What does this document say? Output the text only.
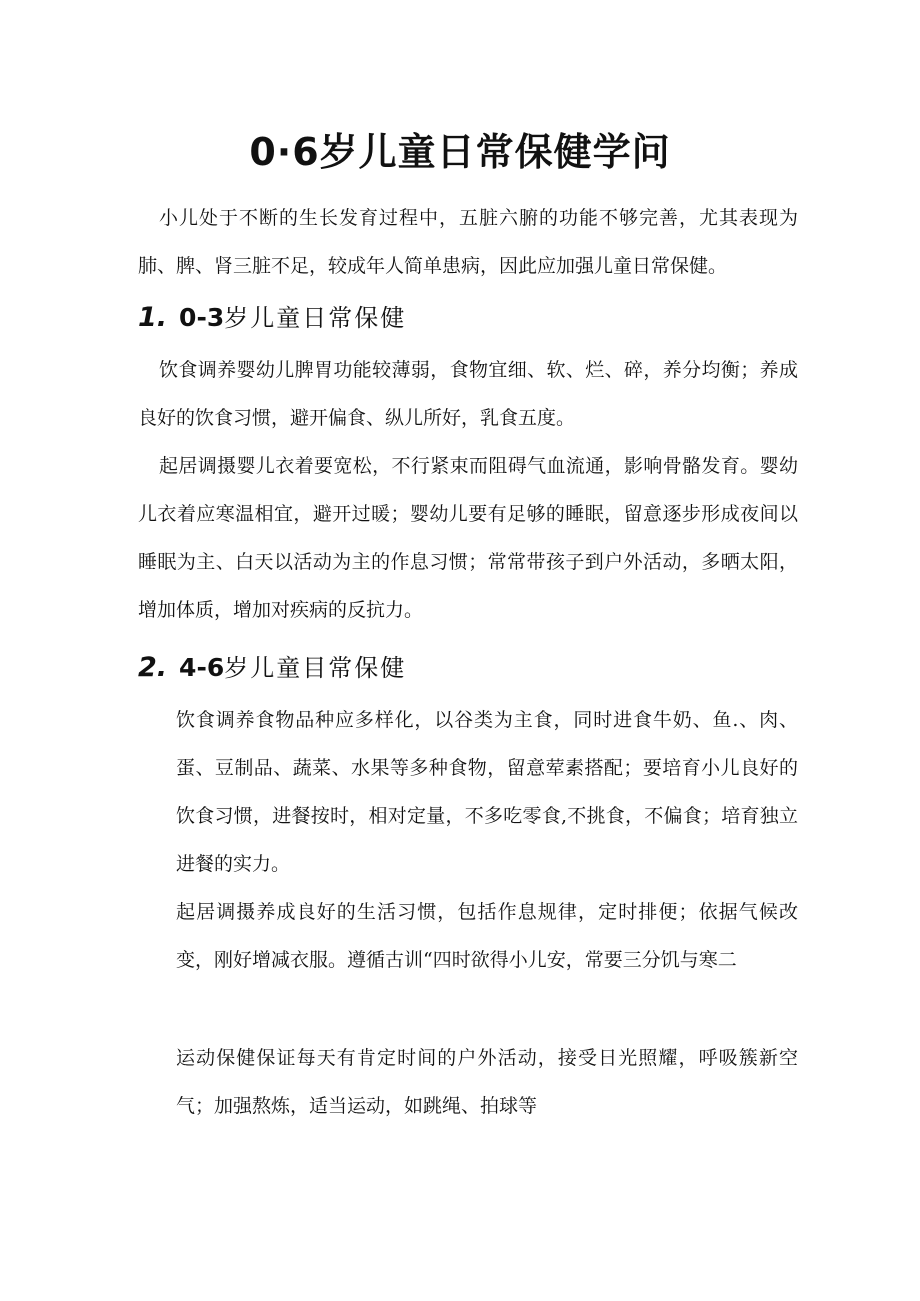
0·6岁儿童日常保健学问
小儿处于不断的生长发育过程中，五脏六腑的功能不够完善，尤其表现为肺、脾、肾三脏不足，较成年人简单患病，因此应加强儿童日常保健。
1. 0-3岁儿童日常保健
饮食调养婴幼儿脾胃功能较薄弱，食物宜细、软、烂、碎，养分均衡；养成良好的饮食习惯，避开偏食、纵儿所好，乳食五度。
起居调摄婴儿衣着要宽松，不行紧束而阻碍气血流通，影响骨骼发育。婴幼儿衣着应寒温相宜，避开过暖；婴幼儿要有足够的睡眠，留意逐步形成夜间以睡眠为主、白天以活动为主的作息习惯；常常带孩子到户外活动，多晒太阳，增加体质，增加对疾病的反抗力。
2. 4-6岁儿童目常保健
饮食调养食物品种应多样化，以谷类为主食，同时进食牛奶、鱼.、肉、蛋、豆制品、蔬菜、水果等多种食物，留意荤素搭配；要培育小儿良好的饮食习惯，进餐按时，相对定量，不多吃零食,不挑食，不偏食；培育独立进餐的实力。
起居调摄养成良好的生活习惯，包括作息规律，定时排便；依据气候改变，刚好增减衣服。遵循古训“四时欲得小儿安，常要三分饥与寒二
运动保健保证每天有肯定时间的户外活动，接受日光照耀，呼吸簇新空气；加强熬炼，适当运动，如跳绳、拍球等
